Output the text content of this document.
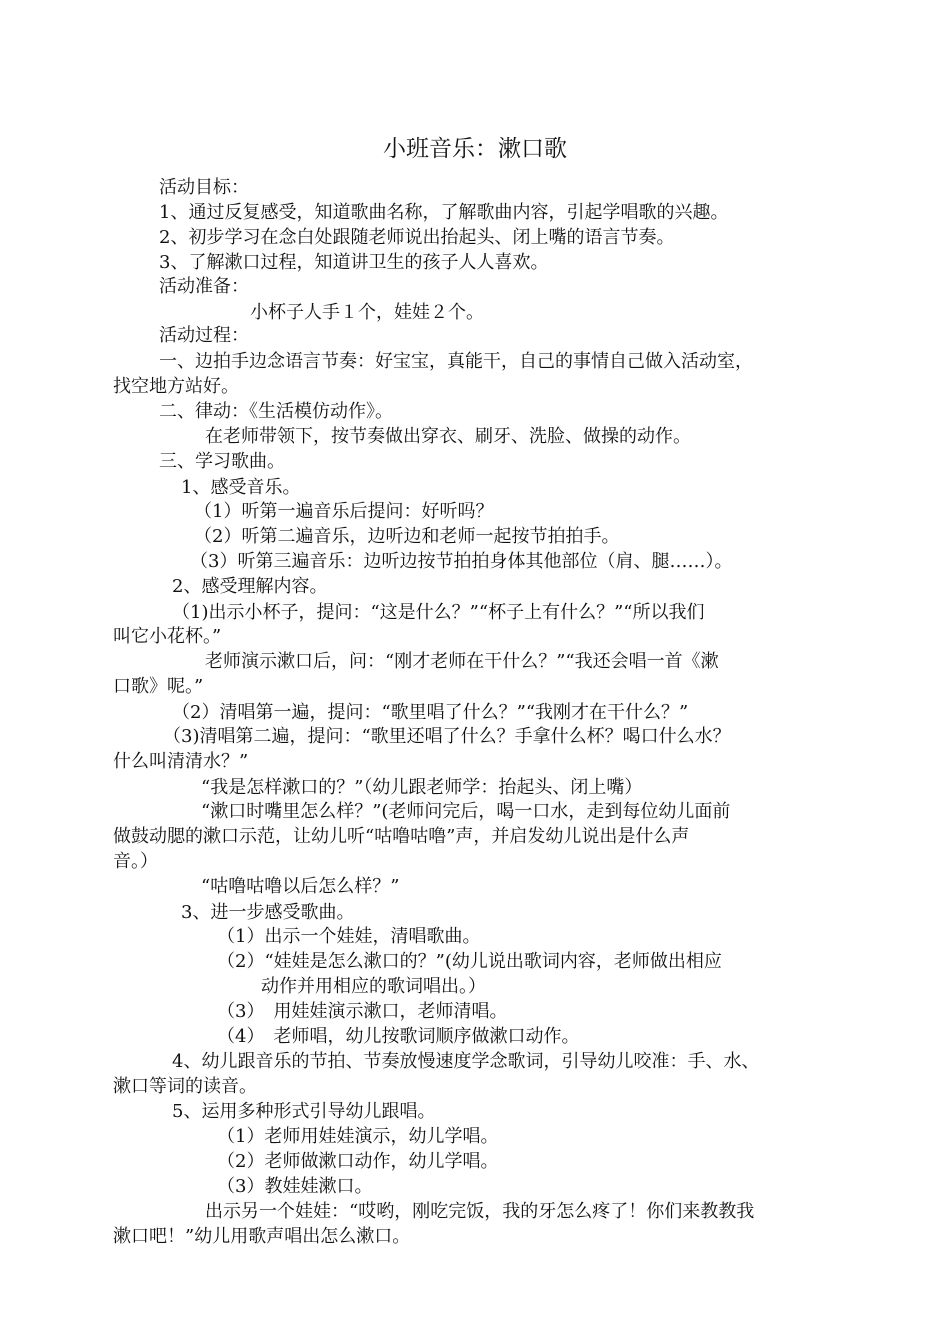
小班音乐：漱口歌
活动目标：
1、通过反复感受，知道歌曲名称，了解歌曲内容，引起学唱歌的兴趣。
2、初步学习在念白处跟随老师说出抬起头、闭上嘴的语言节奏。
3、了解漱口过程，知道讲卫生的孩子人人喜欢。
活动准备：
小杯子人手１个，娃娃２个。
活动过程：
一、边拍手边念语言节奏：好宝宝，真能干，自己的事情自己做入活动室，
找空地方站好。
二、律动：《生活模仿动作》。
在老师带领下，按节奏做出穿衣、刷牙、洗脸、做操的动作。
三、学习歌曲。
1、感受音乐。
（1）听第一遍音乐后提问：好听吗？
（2）听第二遍音乐，边听边和老师一起按节拍拍手。
（3）听第三遍音乐：边听边按节拍拍身体其他部位（肩、腿……）。
2、感受理解内容。
（1)出示小杯子，提问：“这是什么？”“杯子上有什么？”“所以我们
叫它小花杯。”
老师演示漱口后，问：“刚才老师在干什么？”“我还会唱一首《漱
口歌》呢。”
（2）清唱第一遍，提问：“歌里唱了什么？”“我刚才在干什么？”
（3)清唱第二遍，提问：“歌里还唱了什么？手拿什么杯？喝口什么水？
什么叫清清水？”
“我是怎样漱口的？”（幼儿跟老师学：抬起头、闭上嘴）
“漱口时嘴里怎么样？”(老师问完后，喝一口水，走到每位幼儿面前
做鼓动腮的漱口示范，让幼儿听“咕噜咕噜”声，并启发幼儿说出是什么声
音。）
“咕噜咕噜以后怎么样？”
3、进一步感受歌曲。
（1）出示一个娃娃，清唱歌曲。
（2）“娃娃是怎么漱口的？”(幼儿说出歌词内容，老师做出相应
动作并用相应的歌词唱出。）
（3）　用娃娃演示漱口，老师清唱。
（4）　老师唱，幼儿按歌词顺序做漱口动作。
4、幼儿跟音乐的节拍、节奏放慢速度学念歌词，引导幼儿咬准：手、水、
漱口等词的读音。
5、运用多种形式引导幼儿跟唱。
（1）老师用娃娃演示，幼儿学唱。
（2）老师做漱口动作，幼儿学唱。
（3）教娃娃漱口。
出示另一个娃娃：“哎哟，刚吃完饭，我的牙怎么疼了！你们来教教我
漱口吧！”幼儿用歌声唱出怎么漱口。
